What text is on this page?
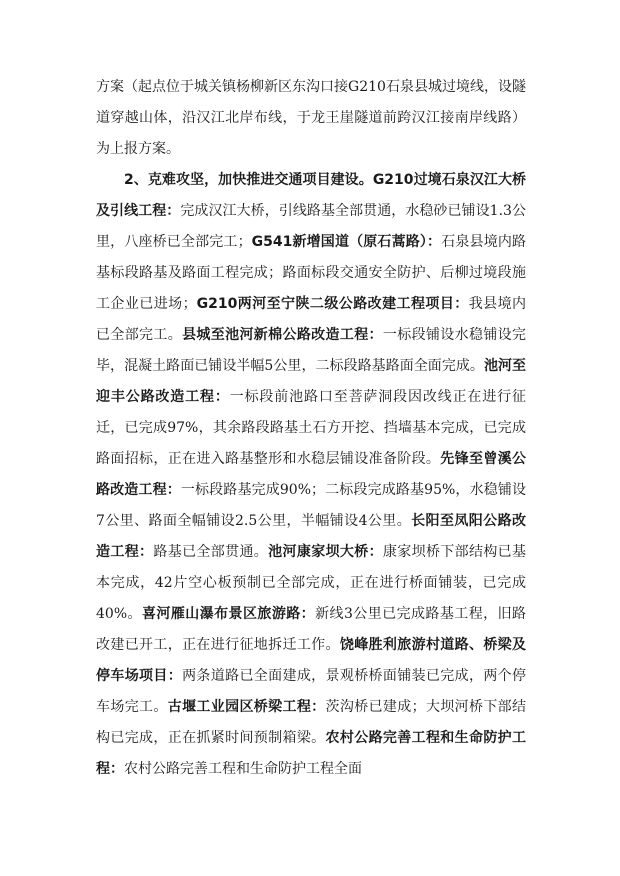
方案（起点位于城关镇杨柳新区东沟口接G210石泉县城过境线，设隧道穿越山体，沿汉江北岸布线，于龙王崖隧道前跨汉江接南岸线路）为上报方案。

2、克难攻坚，加快推进交通项目建设。G210过境石泉汉江大桥及引线工程：完成汉江大桥，引线路基全部贯通，水稳砂已铺设1.3公里，八座桥已全部完工；G541新增国道（原石蒿路）：石泉县境内路基标段路基及路面工程完成；路面标段交通安全防护、后柳过境段施工企业已进场；G210两河至宁陕二级公路改建工程项目：我县境内已全部完工。县城至池河新棉公路改造工程：一标段铺设水稳铺设完毕，混凝土路面已铺设半幅5公里，二标段路基路面全面完成。池河至迎丰公路改造工程：一标段前池路口至菩萨洞段因改线正在进行征迁，已完成97%，其余路段路基土石方开挖、挡墙基本完成，已完成路面招标，正在进入路基整形和水稳层铺设准备阶段。先锋至曾溪公路改造工程：一标段路基完成90%；二标段完成路基95%，水稳铺设7公里、路面全幅铺设2.5公里，半幅铺设4公里。长阳至凤阳公路改造工程：路基已全部贯通。池河康家坝大桥：康家坝桥下部结构已基本完成，42片空心板预制已全部完成，正在进行桥面铺装，已完成40%。喜河雁山瀑布景区旅游路：新线3公里已完成路基工程，旧路改建已开工，正在进行征地拆迁工作。饶峰胜利旅游村道路、桥梁及停车场项目：两条道路已全面建成，景观桥桥面铺装已完成，两个停车场完工。古堰工业园区桥梁工程：茨沟桥已建成；大坝河桥下部结构已完成，正在抓紧时间预制箱梁。农村公路完善工程和生命防护工程：农村公路完善工程和生命防护工程全面
